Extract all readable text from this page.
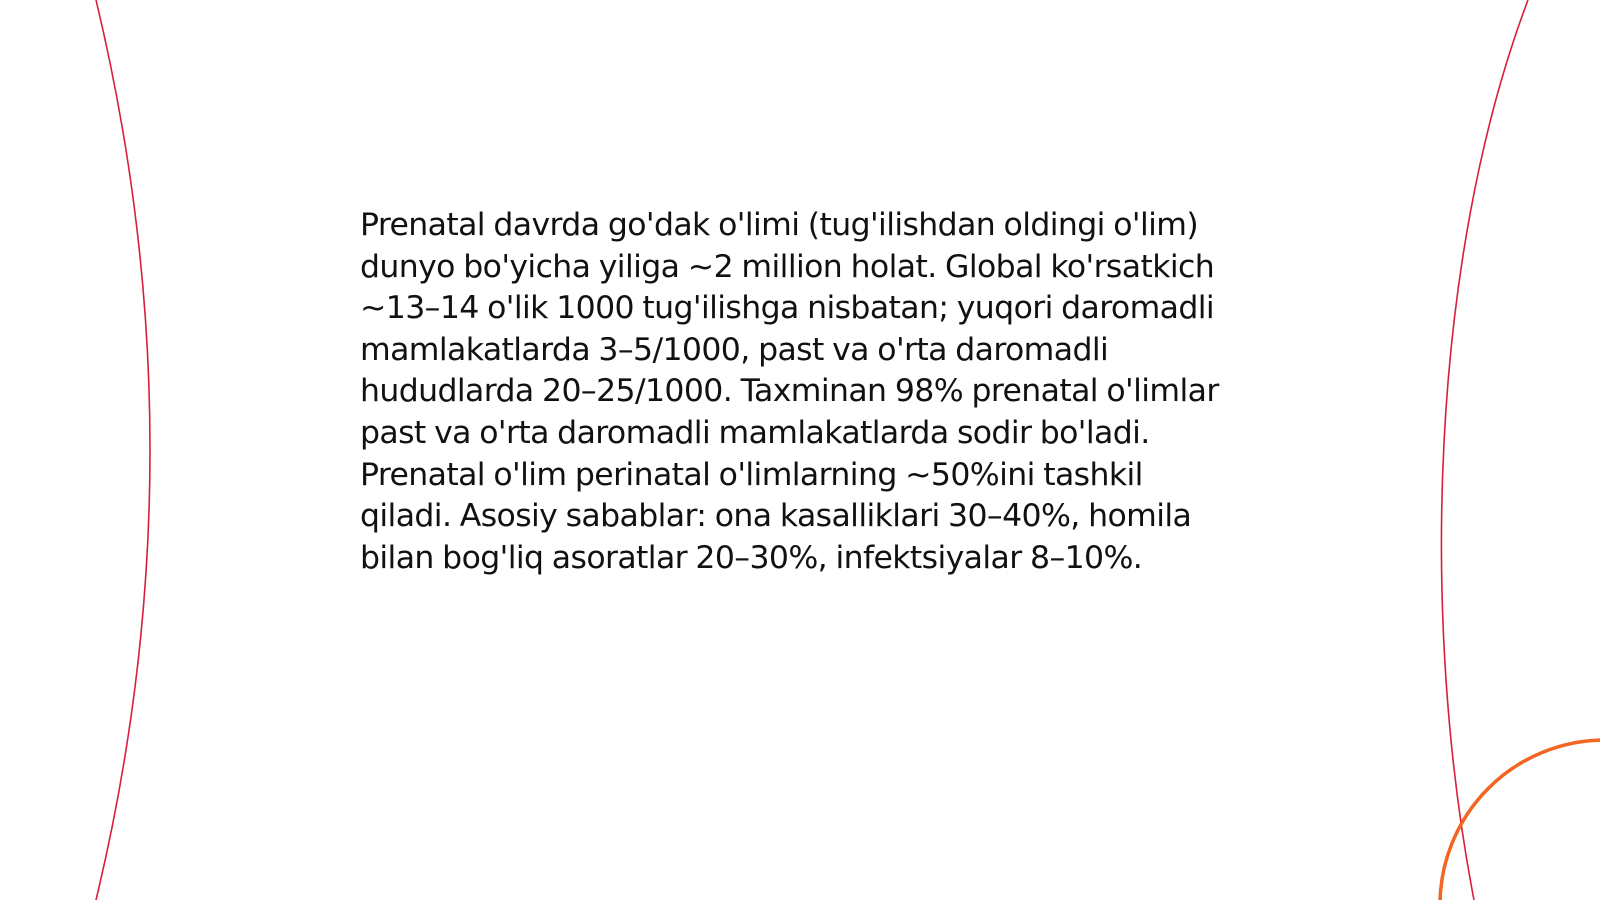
Prenatal davrda go'dak o'limi (tug'ilishdan oldingi o'lim) dunyo bo'yicha yiliga ~2 million holat. Global ko'rsatkich ~13–14 o'lik 1000 tug'ilishga nisbatan; yuqori daromadli mamlakatlarda 3–5/1000, past va o'rta daromadli hududlarda 20–25/1000. Taxminan 98% prenatal o'limlar past va o'rta daromadli mamlakatlarda sodir bo'ladi. Prenatal o'lim perinatal o'limlarning ~50%ini tashkil qiladi. Asosiy sabablar: ona kasalliklari 30–40%, homila bilan bog'liq asoratlar 20–30%, infektsiyalar 8–10%.
